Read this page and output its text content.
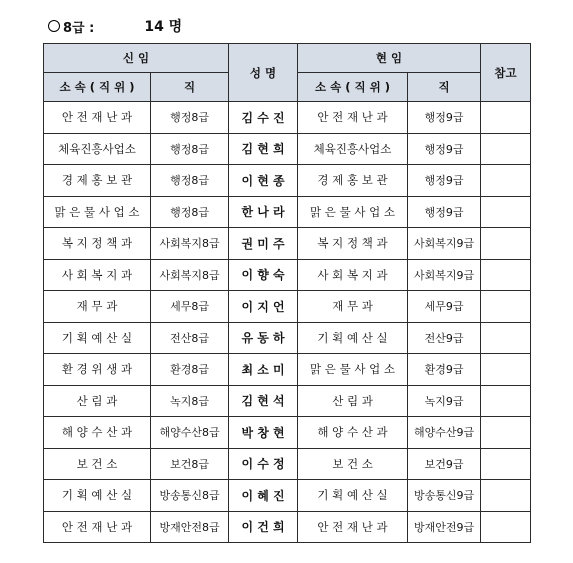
8급 :	14 명
신 임		성 명	현 임		참고
소 속 ( 직 위 )	직		소 속 ( 직 위 )	직	
안 전 재 난 과	행정8급	김 수 진	안 전 재 난 과	행정9급	
체육진흥사업소	행정8급	김 현 희	체육진흥사업소	행정9급	
경 제 홍 보 관	행정8급	이 현 종	경 제 홍 보 관	행정9급	
맑 은 물 사 업 소	행정8급	한 나 라	맑 은 물 사 업 소	행정9급	
복 지 정 책 과	사회복지8급	권 미 주	복 지 정 책 과	사회복지9급	
사 회 복 지 과	사회복지8급	이 향 숙	사 회 복 지 과	사회복지9급	
재 무 과	세무8급	이 지 언	재 무 과	세무9급	
기 획 예 산 실	전산8급	유 동 하	기 획 예 산 실	전산9급	
환 경 위 생 과	환경8급	최 소 미	맑 은 물 사 업 소	환경9급	
산 림 과	녹지8급	김 현 석	산 림 과	녹지9급	
해 양 수 산 과	해양수산8급	박 창 현	해 양 수 산 과	해양수산9급	
보 건 소	보건8급	이 수 정	보 건 소	보건9급	
기 획 예 산 실	방송통신8급	이 혜 진	기 획 예 산 실	방송통신9급	
안 전 재 난 과	방재안전8급	이 건 희	안 전 재 난 과	방재안전9급	
